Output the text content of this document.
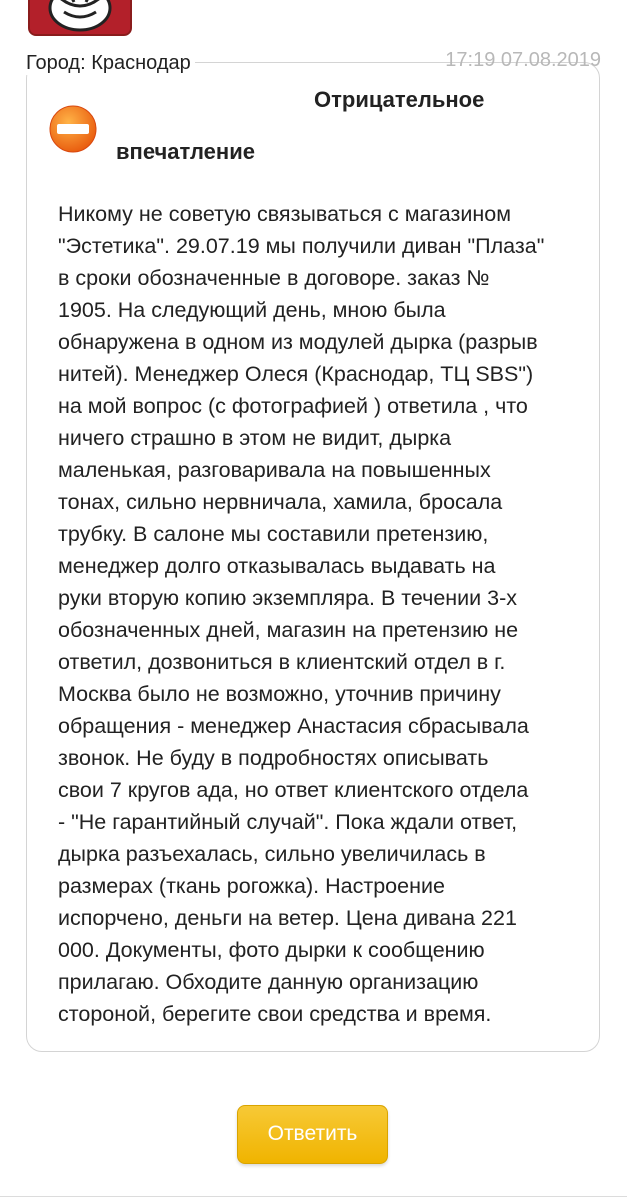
Город: Краснодар	17:19 07.08.2019
Отрицательное
впечатление
Никому не советую связываться с магазином
"Эстетика". 29.07.19 мы получили диван "Плаза"
в сроки обозначенные в договоре. заказ №
1905. На следующий день, мною была
обнаружена в одном из модулей дырка (разрыв
нитей). Менеджер Олеся (Краснодар, ТЦ SBS")
на мой вопрос (с фотографией ) ответила , что
ничего страшно в этом не видит, дырка
маленькая, разговаривала на повышенных
тонах, сильно нервничала, хамила, бросала
трубку. В салоне мы составили претензию,
менеджер долго отказывалась выдавать на
руки вторую копию экземпляра. В течении 3-х
обозначенных дней, магазин на претензию не
ответил, дозвониться в клиентский отдел в г.
Москва было не возможно, уточнив причину
обращения - менеджер Анастасия сбрасывала
звонок. Не буду в подробностях описывать
свои 7 кругов ада, но ответ клиентского отдела
- "Не гарантийный случай". Пока ждали ответ,
дырка разъехалась, сильно увеличилась в
размерах (ткань рогожка). Настроение
испорчено, деньги на ветер. Цена дивана 221
000. Документы, фото дырки к сообщению
прилагаю. Обходите данную организацию
стороной, берегите свои средства и время.
Ответить
